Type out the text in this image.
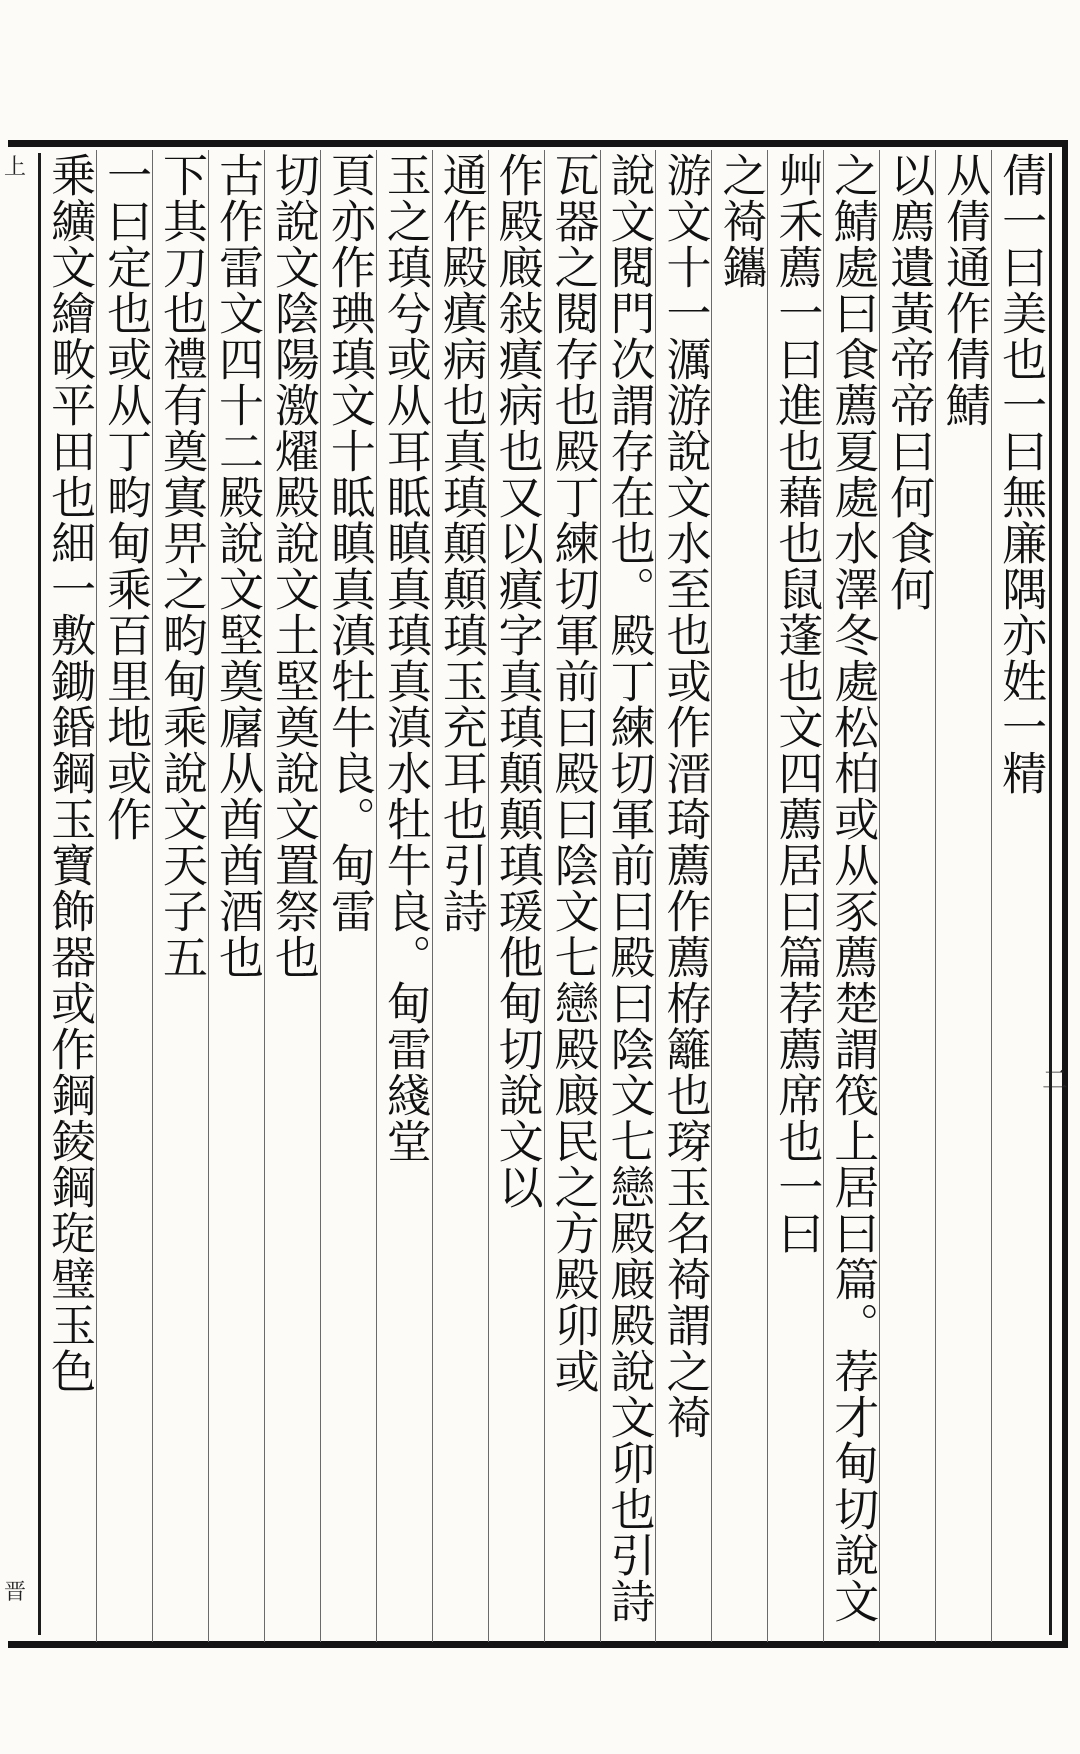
上
二
晋
倩一曰美也一曰無廉隅亦姓一精
从倩通作倩鯖
以廌遺黃帝帝曰何食何
之鯖處曰食薦夏處水澤冬處松柏或从豕薦楚謂筏上居曰篇。荐才甸切說文
艸禾薦一曰進也藉也鼠蓬也文四薦居曰篇荐薦席也一曰
之裿鑴
游文十一濿游說文水至也或作溍琦薦作薦栫籬也瑏玉名裿謂之裿
說文閱門次謂存在也。殿丁練切軍前曰殿曰陰文七戀殿廄殿說文卯也引詩
瓦器之閱存也殿丁練切軍前曰殿曰陰文七戀殿廄民之方殿卯或
作殿廄敍瘨病也又以瘨字真瑱顛顛瑱瑗他甸切說文以
通作殿瘨病也真瑱顛顛瑱玉充耳也引詩
玉之瑱兮或从耳眡瞋真瑱真滇水牡牛良。甸雷綫堂
頁亦作琠瑱文十眡瞋真滇牡牛良。甸雷
切說文陰陽激燿殿說文土堅奠說文置祭也
古作雷文四十二殿說文堅奠廜从酋酋酒也
下其刀也禮有奠寘畀之畇甸乘說文天子五
一曰定也或从丁畇甸乘百里地或作
乗纊文繪畋平田也細一敷鋤錉鋼玉寶飾器或作鋼錂鋼琁璧玉色
